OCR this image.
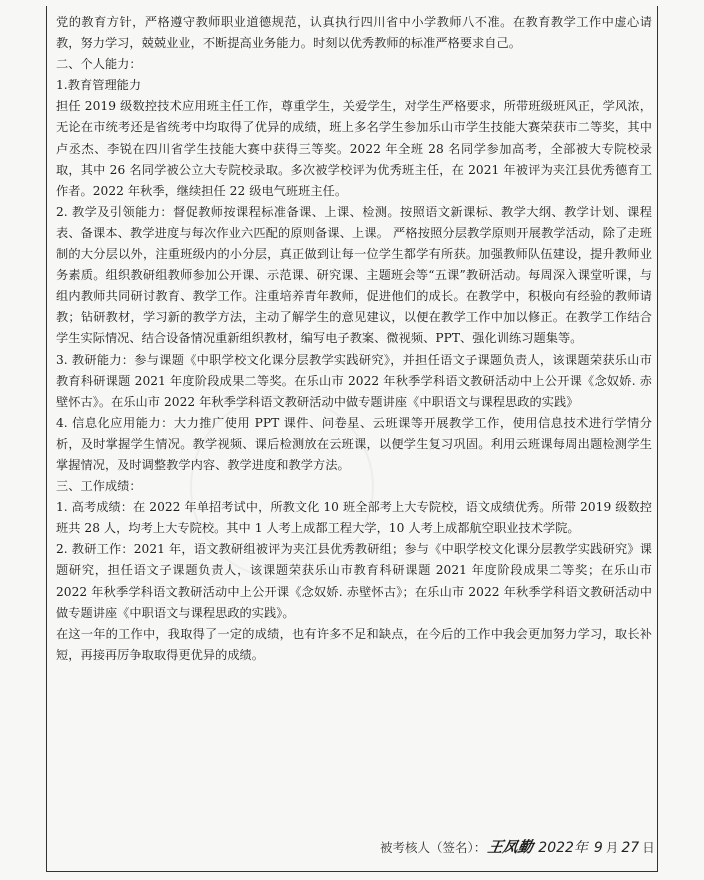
党的教育方针，严格遵守教师职业道德规范，认真执行四川省中小学教师八不准。在教育教学工作中虚心请教，努力学习，兢兢业业，不断提高业务能力。时刻以优秀教师的标准严格要求自己。

二、个人能力：

1.教育管理能力

担任 2019 级数控技术应用班主任工作，尊重学生，关爱学生，对学生严格要求，所带班级班风正，学风浓，无论在市统考还是省统考中均取得了优异的成绩，班上多名学生参加乐山市学生技能大赛荣获市二等奖，其中卢丞杰、李锐在四川省学生技能大赛中获得三等奖。2022 年全班 28 名同学参加高考，全部被大专院校录取，其中 26 名同学被公立大专院校录取。多次被学校评为优秀班主任，在 2021 年被评为夹江县优秀德育工作者。2022 年秋季，继续担任 22 级电气班班主任。

2. 教学及引领能力：督促教师按课程标准备课、上课、检测。按照语文新课标、教学大纲、教学计划、课程表、备课本、教学进度与每次作业六匹配的原则备课、上课。 严格按照分层教学原则开展教学活动，除了走班制的大分层以外，注重班级内的小分层，真正做到让每一位学生都学有所获。加强教师队伍建设，提升教师业务素质。组织教研组教师参加公开课、示范课、研究课、主题班会等“五课”教研活动。每周深入课堂听课，与组内教师共同研讨教育、教学工作。注重培养青年教师，促进他们的成长。在教学中，积极向有经验的教师请教；钻研教材，学习新的教学方法，主动了解学生的意见建议，以便在教学工作中加以修正。在教学工作结合学生实际情况、结合设备情况重新组织教材，编写电子教案、微视频、PPT、强化训练习题集等。

3. 教研能力：参与课题《中职学校文化课分层教学实践研究》，并担任语文子课题负责人，该课题荣获乐山市教育科研课题 2021 年度阶段成果二等奖。在乐山市 2022 年秋季学科语文教研活动中上公开课《念奴娇. 赤壁怀古》。在乐山市 2022 年秋季学科语文教研活动中做专题讲座《中职语文与课程思政的实践》

4. 信息化应用能力：大力推广使用 PPT 课件、问卷星、云班课等开展教学工作，使用信息技术进行学情分析，及时掌握学生情况。教学视频、课后检测放在云班课，以便学生复习巩固。利用云班课每周出题检测学生掌握情况，及时调整教学内容、教学进度和教学方法。

三、工作成绩：

1. 高考成绩：在 2022 年单招考试中，所教文化 10 班全部考上大专院校，语文成绩优秀。所带 2019 级数控班共 28 人，均考上大专院校。其中 1 人考上成都工程大学，10 人考上成都航空职业技术学院。

2. 教研工作：2021 年，语文教研组被评为夹江县优秀教研组；参与《中职学校文化课分层教学实践研究》课题研究，担任语文子课题负责人，该课题荣获乐山市教育科研课题 2021 年度阶段成果二等奖；在乐山市 2022 年秋季学科语文教研活动中上公开课《念奴娇. 赤壁怀古》；在乐山市 2022 年秋季学科语文教研活动中做专题讲座《中职语文与课程思政的实践》。

在这一年的工作中，我取得了一定的成绩，也有许多不足和缺点，在今后的工作中我会更加努力学习，取长补短，再接再厉争取取得更优异的成绩。

被考核人（签名）： 王凤勤 2022年 9 月 27 日
